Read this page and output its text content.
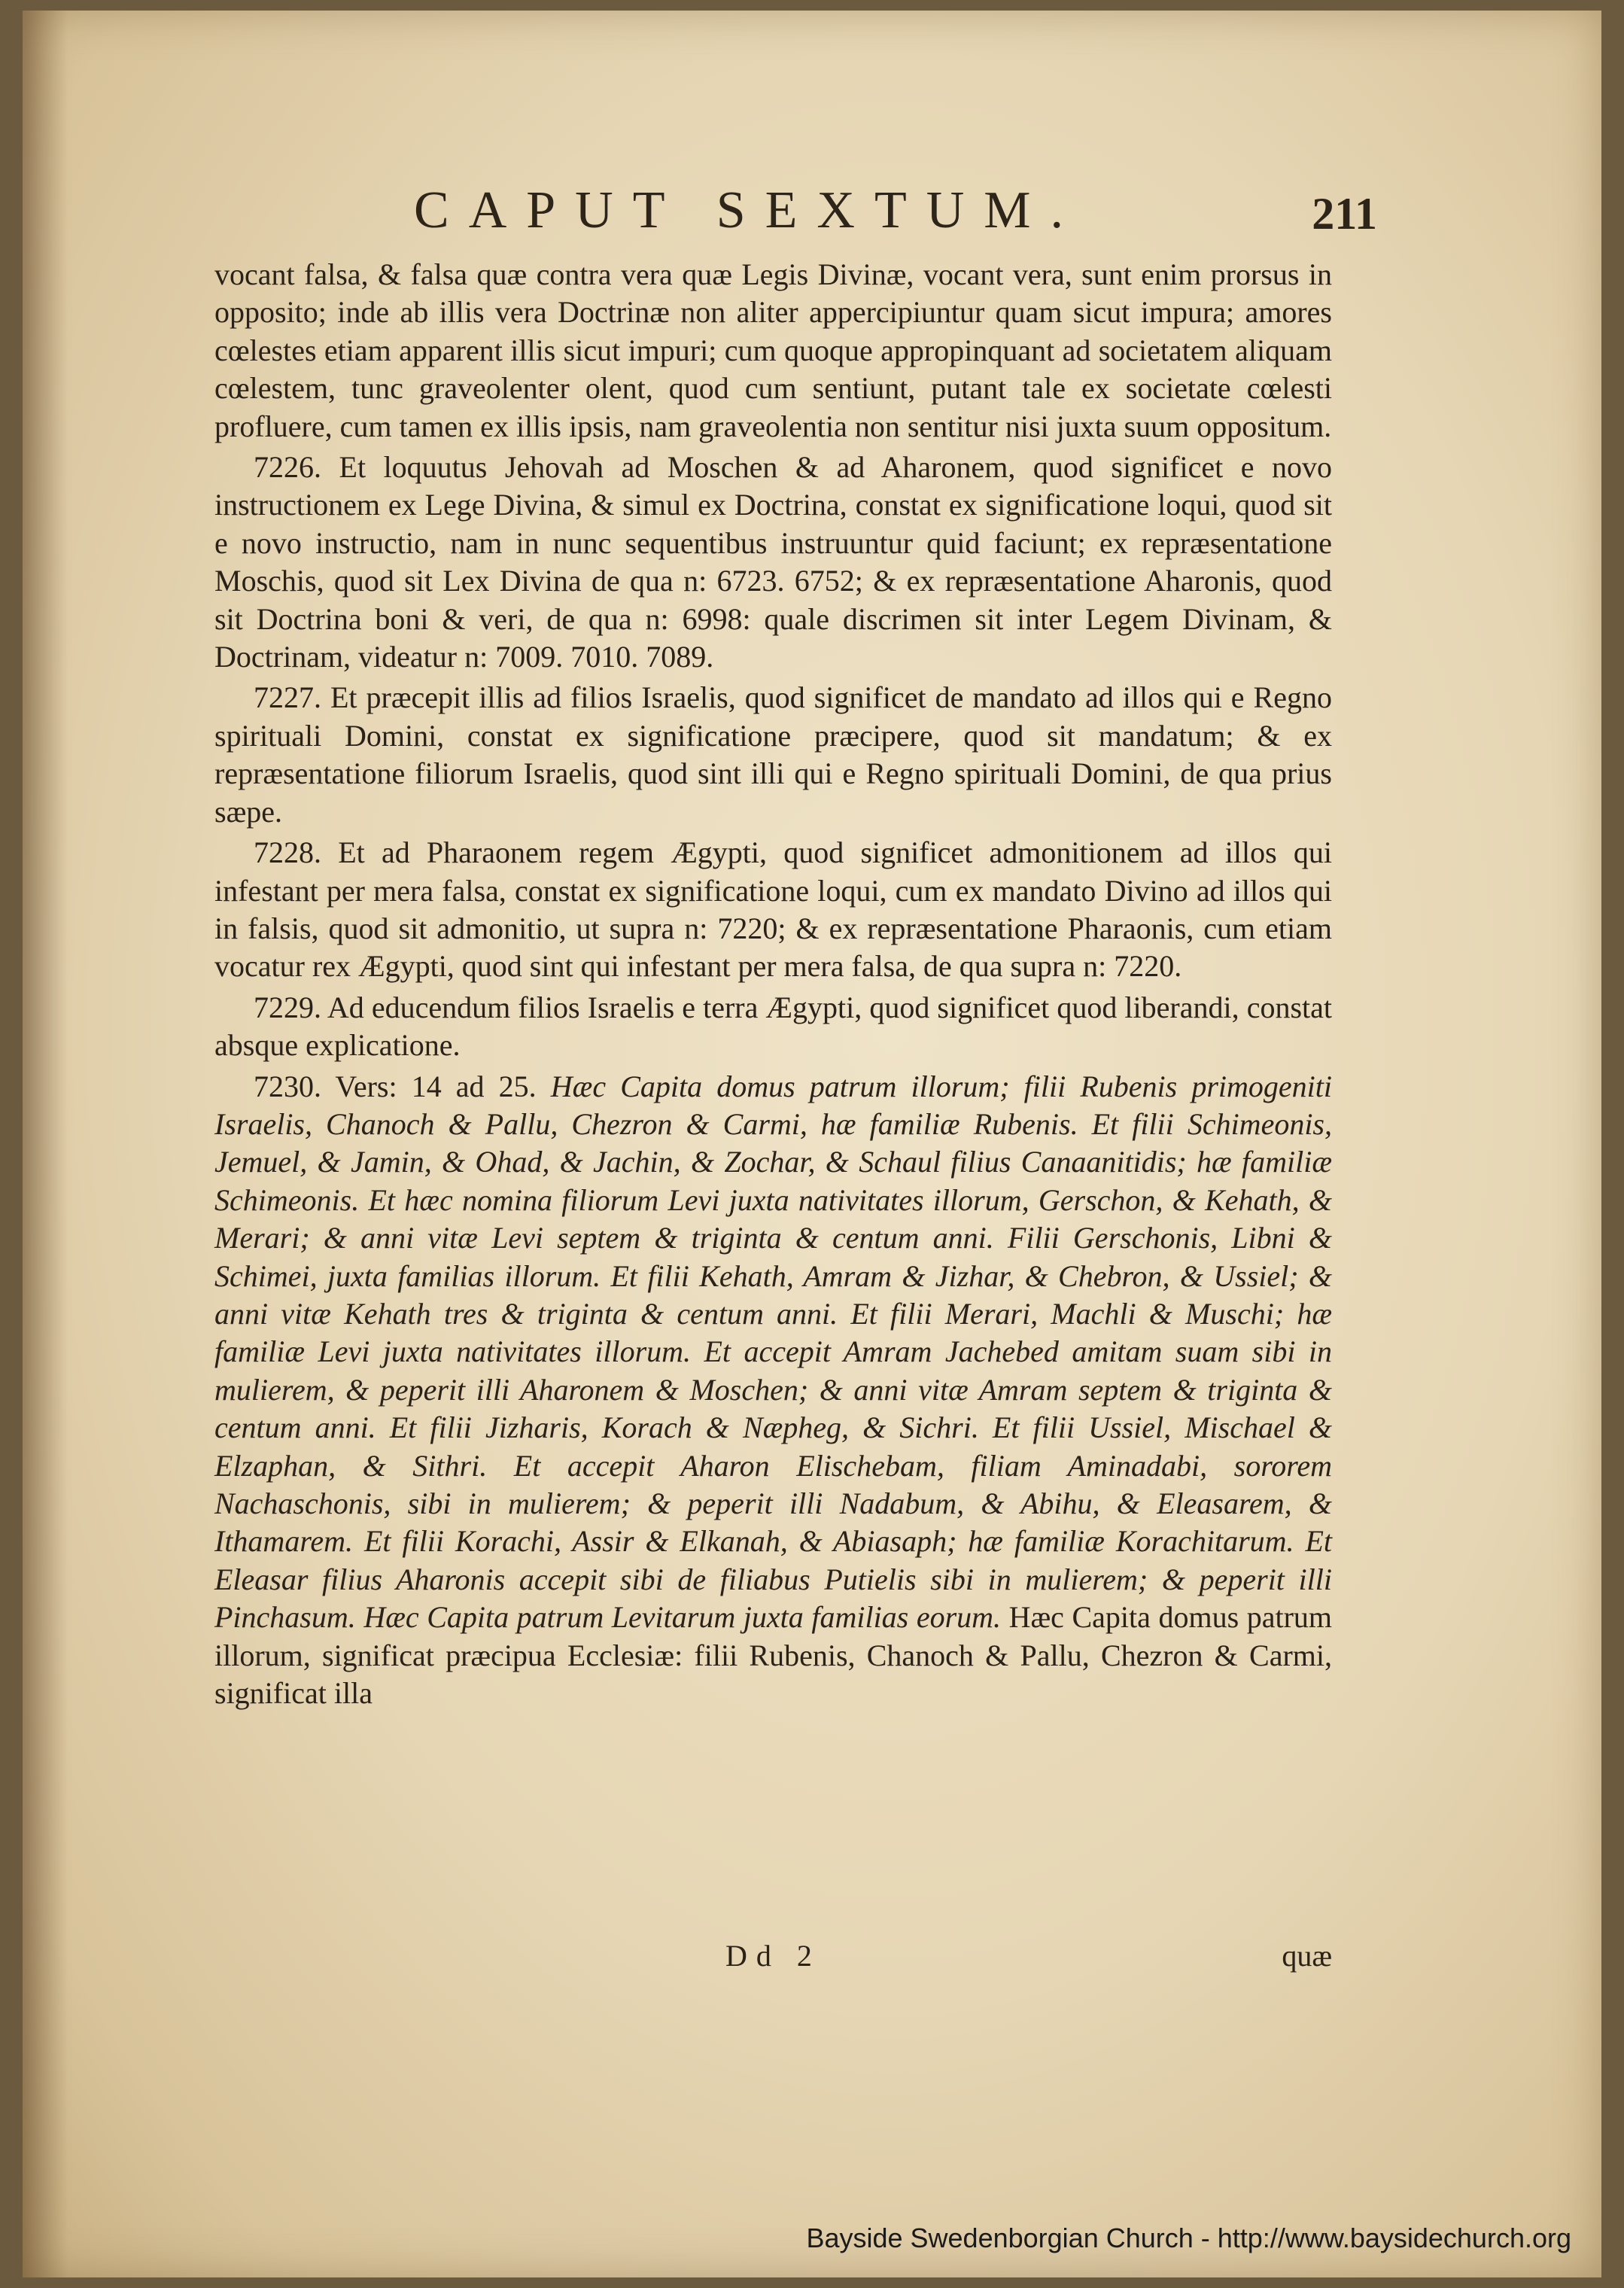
CAPUT SEXTUM.	211

vocant falsa, & falsa quæ contra vera quæ Legis Divinæ, vocant vera, sunt enim prorsus in opposito; inde ab illis vera Doctrinæ non aliter appercipiuntur quam sicut impura; amores cœlestes etiam apparent illis sicut impuri; cum quoque appropinquant ad societatem aliquam cœlestem, tunc graveolenter olent, quod cum sentiunt, putant tale ex societate cœlesti profluere, cum tamen ex illis ipsis, nam graveolentia non sentitur nisi juxta suum oppositum.

7226. Et loquutus Jehovah ad Moschen & ad Aharonem, quod significet e novo instructionem ex Lege Divina, & simul ex Doctrina, constat ex significatione loqui, quod sit e novo instructio, nam in nunc sequentibus instruuntur quid faciunt; ex repræsentatione Moschis, quod sit Lex Divina de qua n: 6723. 6752; & ex repræsentatione Aharonis, quod sit Doctrina boni & veri, de qua n: 6998: quale discrimen sit inter Legem Divinam, & Doctrinam, videatur n: 7009. 7010. 7089.

7227. Et præcepit illis ad filios Israelis, quod significet de mandato ad illos qui e Regno spirituali Domini, constat ex significatione præcipere, quod sit mandatum; & ex repræsentatione filiorum Israelis, quod sint illi qui e Regno spirituali Domini, de qua prius sæpe.

7228. Et ad Pharaonem regem Ægypti, quod significet admonitionem ad illos qui infestant per mera falsa, constat ex significatione loqui, cum ex mandato Divino ad illos qui in falsis, quod sit admonitio, ut supra n: 7220; & ex repræsentatione Pharaonis, cum etiam vocatur rex Ægypti, quod sint qui infestant per mera falsa, de qua supra n: 7220.

7229. Ad educendum filios Israelis e terra Ægypti, quod significet quod liberandi, constat absque explicatione.

7230. Vers: 14 ad 25. Hæc Capita domus patrum illorum; filii Rubenis primogeniti Israelis, Chanoch & Pallu, Chezron & Carmi, hæ familiæ Rubenis. Et filii Schimeonis, Jemuel, & Jamin, & Ohad, & Jachin, & Zochar, & Schaul filius Canaanitidis; hæ familiæ Schimeonis. Et hæc nomina filiorum Levi juxta nativitates illorum, Gerschon, & Kehath, & Merari; & anni vitæ Levi septem & triginta & centum anni. Filii Gerschonis, Libni & Schimei, juxta familias illorum. Et filii Kehath, Amram & Jizhar, & Chebron, & Ussiel; & anni vitæ Kehath tres & triginta & centum anni. Et filii Merari, Machli & Muschi; hæ familiæ Levi juxta nativitates illorum. Et accepit Amram Jachebed amitam suam sibi in mulierem, & peperit illi Aharonem & Moschen; & anni vitæ Amram septem & triginta & centum anni. Et filii Jizharis, Korach & Næpheg, & Sichri. Et filii Ussiel, Mischael & Elzaphan, & Sithri. Et accepit Aharon Elischebam, filiam Aminadabi, sororem Nachaschonis, sibi in mulierem; & peperit illi Nadabum, & Abihu, & Eleasarem, & Ithamarem. Et filii Korachi, Assir & Elkanah, & Abiasaph; hæ familiæ Korachitarum. Et Eleasar filius Aharonis accepit sibi de filiabus Putielis sibi in mulierem; & peperit illi Pinchasum. Hæc Capita patrum Levitarum juxta familias eorum. Hæc Capita domus patrum illorum, significat præcipua Ecclesiæ: filii Rubenis, Chanoch & Pallu, Chezron & Carmi, significat illa

Dd 2	quæ
Bayside Swedenborgian Church - http://www.baysidechurch.org
